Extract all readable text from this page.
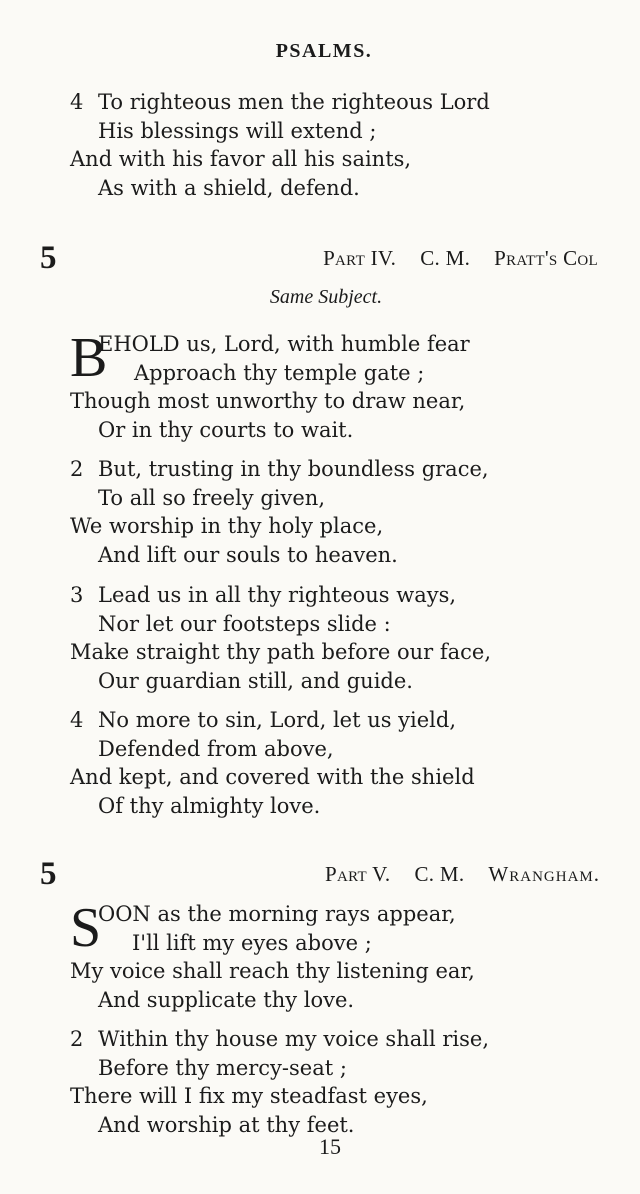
PSALMS.
4 To righteous men the righteous Lord
His blessings will extend ;
And with his favor all his saints,
As with a shield, defend.
5	Part IV. C. M. Pratt's Col
Same Subject.
B
EHOLD us, Lord, with humble fear
Approach thy temple gate ;
Though most unworthy to draw near,
Or in thy courts to wait.
2 But, trusting in thy boundless grace,
To all so freely given,
We worship in thy holy place,
And lift our souls to heaven.
3 Lead us in all thy righteous ways,
Nor let our footsteps slide :
Make straight thy path before our face,
Our guardian still, and guide.
4 No more to sin, Lord, let us yield,
Defended from above,
And kept, and covered with the shield
Of thy almighty love.
5	Part V. C. M. Wrangham.
S
OON as the morning rays appear,
I'll lift my eyes above ;
My voice shall reach thy listening ear,
And supplicate thy love.
2 Within thy house my voice shall rise,
Before thy mercy-seat ;
There will I fix my steadfast eyes,
And worship at thy feet.
15
